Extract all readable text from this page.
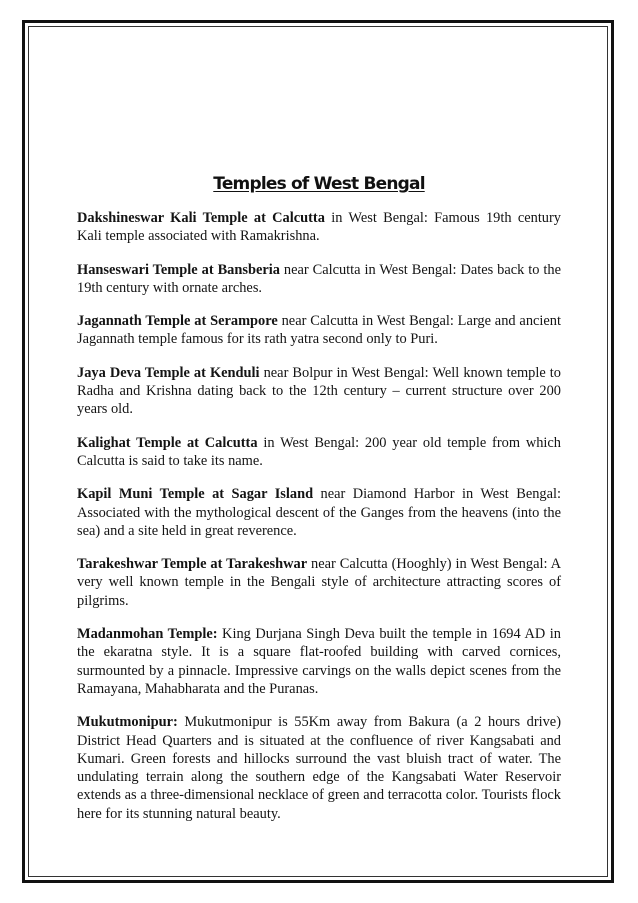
Temples of West Bengal

Dakshineswar Kali Temple at Calcutta in West Bengal: Famous 19th century Kali temple associated with Ramakrishna.

Hanseswari Temple at Bansberia near Calcutta in West Bengal: Dates back to the 19th century with ornate arches.

Jagannath Temple at Serampore near Calcutta in West Bengal: Large and ancient Jagannath temple famous for its rath yatra second only to Puri.

Jaya Deva Temple at Kenduli near Bolpur in West Bengal: Well known temple to Radha and Krishna dating back to the 12th century – current structure over 200 years old.

Kalighat Temple at Calcutta in West Bengal: 200 year old temple from which Calcutta is said to take its name.

Kapil Muni Temple at Sagar Island near Diamond Harbor in West Bengal: Associated with the mythological descent of the Ganges from the heavens (into the sea) and a site held in great reverence.

Tarakeshwar Temple at Tarakeshwar near Calcutta (Hooghly) in West Bengal: A very well known temple in the Bengali style of architecture attracting scores of pilgrims.

Madanmohan Temple: King Durjana Singh Deva built the temple in 1694 AD in the ekaratna style. It is a square flat-roofed building with carved cornices, surmounted by a pinnacle. Impressive carvings on the walls depict scenes from the Ramayana, Mahabharata and the Puranas.

Mukutmonipur: Mukutmonipur is 55Km away from Bakura (a 2 hours drive) District Head Quarters and is situated at the confluence of river Kangsabati and Kumari. Green forests and hillocks surround the vast bluish tract of water. The undulating terrain along the southern edge of the Kangsabati Water Reservoir extends as a three-dimensional necklace of green and terracotta color. Tourists flock here for its stunning natural beauty.
